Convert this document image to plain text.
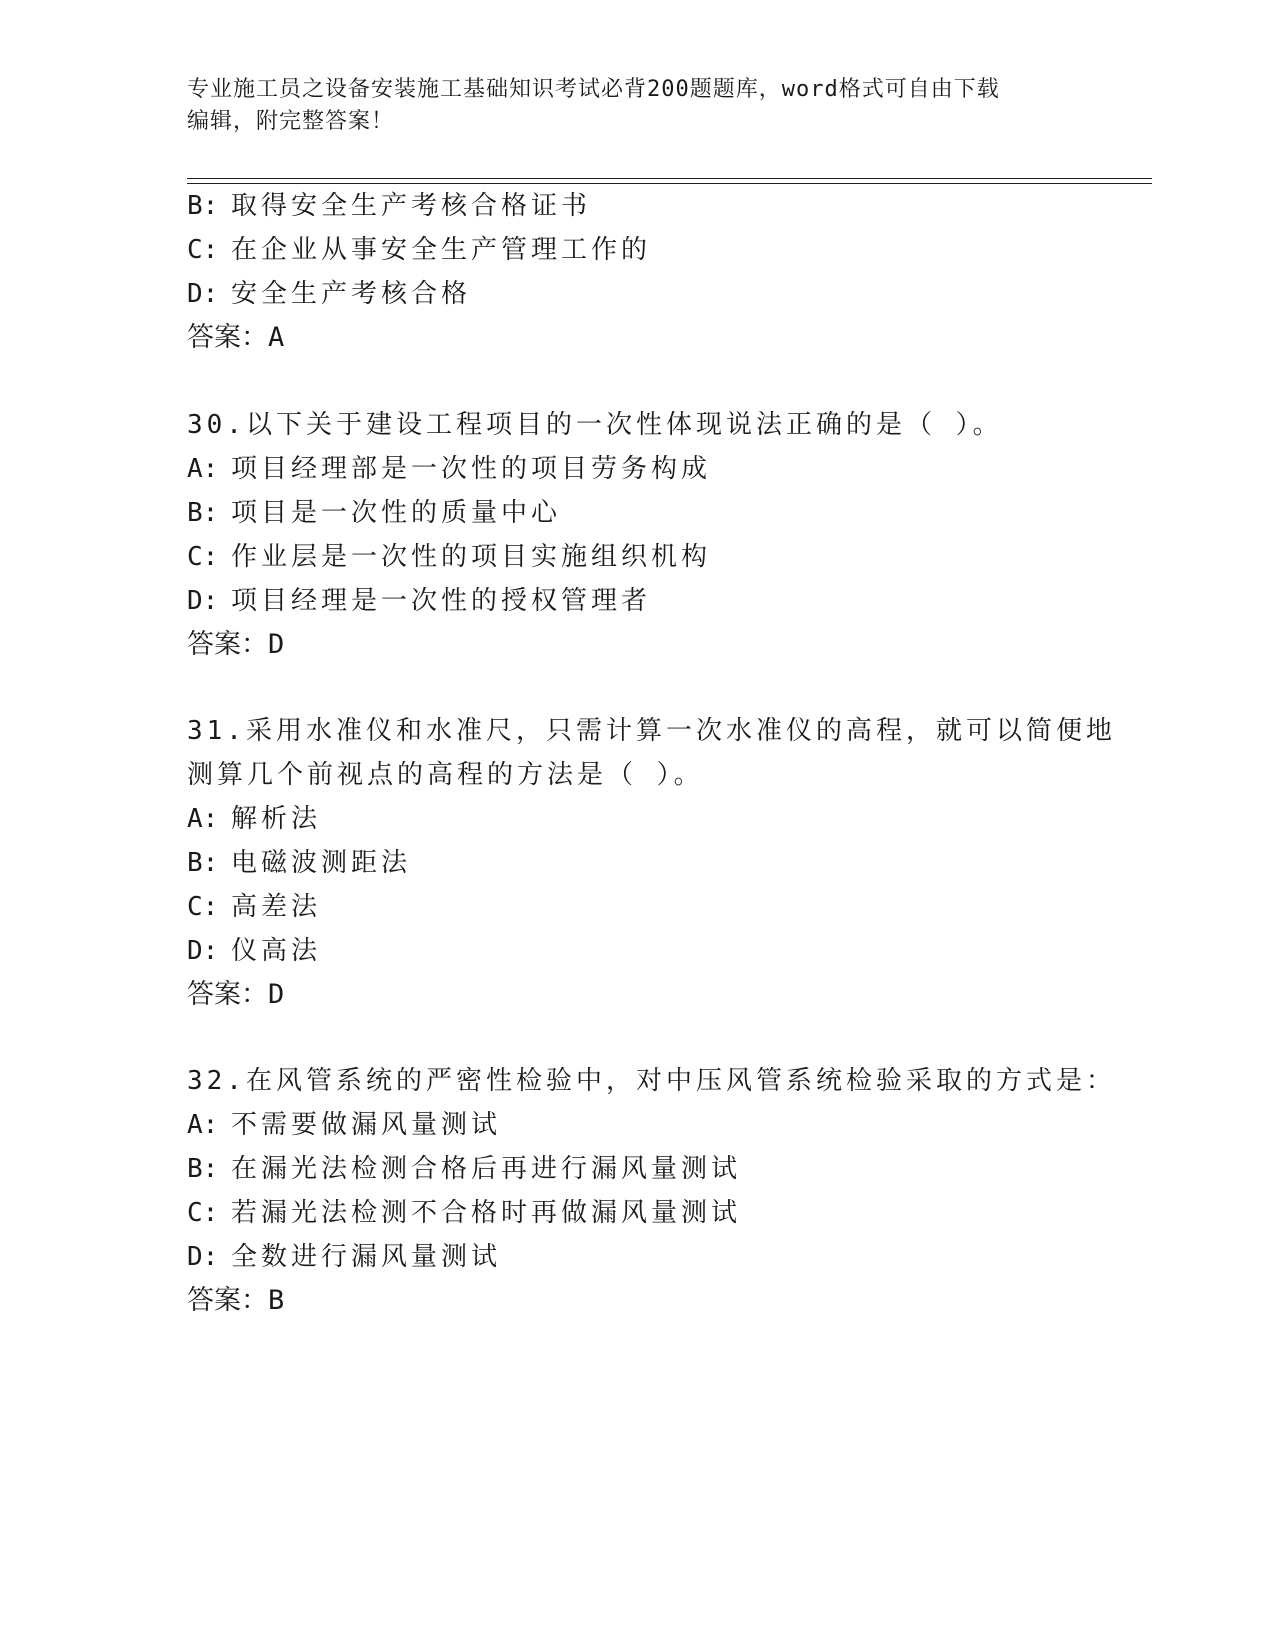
专业施工员之设备安装施工基础知识考试必背200题题库，word格式可自由下载
编辑，附完整答案！
B: 取得安全生产考核合格证书
C: 在企业从事安全生产管理工作的
D: 安全生产考核合格
答案：A
30.以下关于建设工程项目的一次性体现说法正确的是（ ）。
A: 项目经理部是一次性的项目劳务构成
B: 项目是一次性的质量中心
C: 作业层是一次性的项目实施组织机构
D: 项目经理是一次性的授权管理者
答案：D
31.采用水准仪和水准尺，只需计算一次水准仪的高程，就可以简便地
测算几个前视点的高程的方法是（ ）。
A: 解析法
B: 电磁波测距法
C: 高差法
D: 仪高法
答案：D
32.在风管系统的严密性检验中，对中压风管系统检验采取的方式是：
A: 不需要做漏风量测试
B: 在漏光法检测合格后再进行漏风量测试
C: 若漏光法检测不合格时再做漏风量测试
D: 全数进行漏风量测试
答案：B
